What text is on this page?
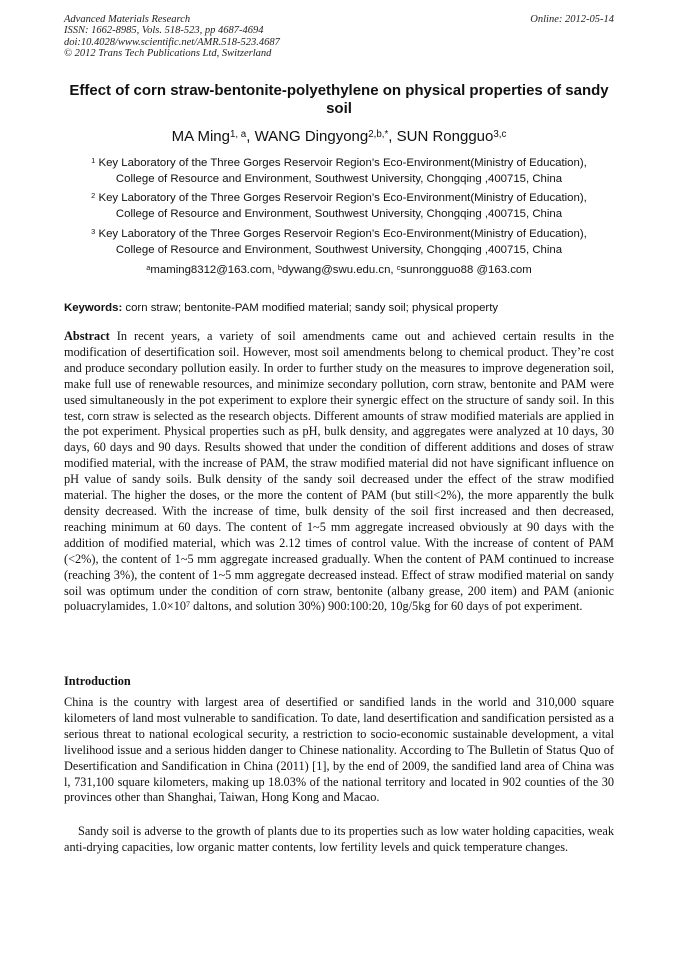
Advanced Materials Research
ISSN: 1662-8985, Vols. 518-523, pp 4687-4694
doi:10.4028/www.scientific.net/AMR.518-523.4687
© 2012 Trans Tech Publications Ltd, Switzerland
Online: 2012-05-14
Effect of corn straw-bentonite-polyethylene on physical properties of sandy soil
MA Ming$^{1, a}$, WANG Dingyong$^{2,b,*}$, SUN Rongguo$^{3,c}$
$^1$ Key Laboratory of the Three Gorges Reservoir Region’s Eco-Environment(Ministry of Education),
College of Resource and Environment, Southwest University, Chongqing ,400715, China
$^2$ Key Laboratory of the Three Gorges Reservoir Region’s Eco-Environment(Ministry of Education),
College of Resource and Environment, Southwest University, Chongqing ,400715, China
$^3$ Key Laboratory of the Three Gorges Reservoir Region’s Eco-Environment(Ministry of Education),
College of Resource and Environment, Southwest University, Chongqing ,400715, China
$^a$maming8312@163.com, $^b$dywang@swu.edu.cn, $^c$sunrongguo88 @163.com
Keywords: corn straw; bentonite-PAM modified material; sandy soil; physical property

Abstract In recent years, a variety of soil amendments came out and achieved certain results in the modification of desertification soil. However, most soil amendments belong to chemical product. They’re cost and produce secondary pollution easily. In order to further study on the measures to improve degeneration soil, make full use of renewable resources, and minimize secondary pollution, corn straw, bentonite and PAM were used simultaneously in the pot experiment to explore their synergic effect on the structure of sandy soil. In this test, corn straw is selected as the research objects. Different amounts of straw modified materials are applied in the pot experiment. Physical properties such as pH, bulk density, and aggregates were analyzed at 10 days, 30 days, 60 days and 90 days. Results showed that under the condition of different additions and doses of straw modified material, with the increase of PAM, the straw modified material did not have significant influence on pH value of sandy soils. Bulk density of the sandy soil decreased under the effect of the straw modified material. The higher the doses, or the more the content of PAM (but still<2%), the more apparently the bulk density decreased. With the increase of time, bulk density of the soil first increased and then decreased, reaching minimum at 60 days. The content of 1~5 mm aggregate increased obviously at 90 days with the addition of modified material, which was 2.12 times of control value. With the increase of content of PAM (<2%), the content of 1~5 mm aggregate increased gradually. When the content of PAM continued to increase (reaching 3%), the content of 1~5 mm aggregate decreased instead. Effect of straw modified material on sandy soil was optimum under the condition of corn straw, bentonite (albany grease, 200 item) and PAM (anionic poluacrylamides, $1.0\times 10^7$ daltons, and solution 30%) 900:100:20, 10g/5kg for 60 days of pot experiment.

Introduction

China is the country with largest area of desertified or sandified lands in the world and 310,000 square kilometers of land most vulnerable to sandification. To date, land desertification and sandification persisted as a serious threat to national ecological security, a restriction to socio-economic sustainable development, a vital livelihood issue and a serious hidden danger to Chinese nationality. According to The Bulletin of Status Quo of Desertification and Sandification in China (2011) [1], by the end of 2009, the sandified land area of China was l, 731,100 square kilometers, making up 18.03% of the national territory and located in 902 counties of the 30 provinces other than Shanghai, Taiwan, Hong Kong and Macao.

Sandy soil is adverse to the growth of plants due to its properties such as low water holding capacities, weak anti-drying capacities, low organic matter contents, low fertility levels and quick temperature changes.
